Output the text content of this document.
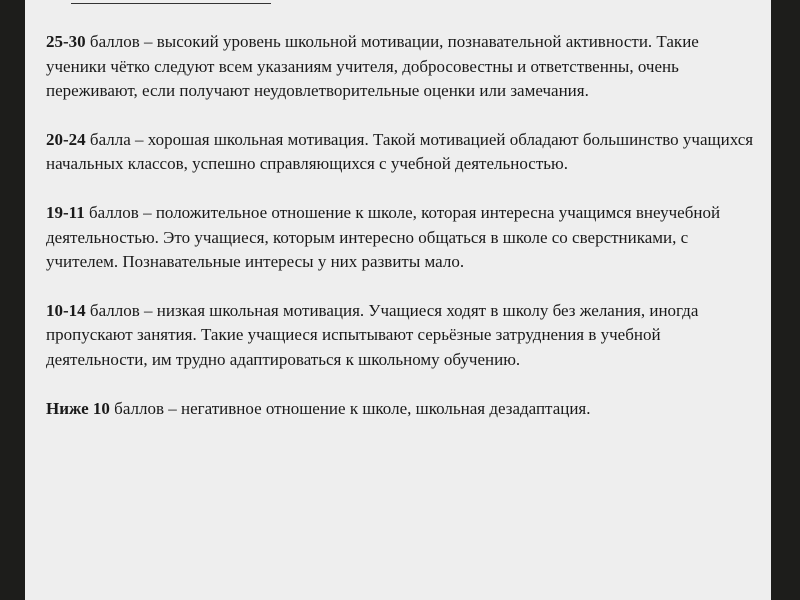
25-30 баллов – высокий уровень школьной мотивации, познавательной активности. Такие ученики чётко следуют всем указаниям учителя, добросовестны и ответственны, очень переживают, если получают неудовлетворительные оценки или замечания.

20-24 балла – хорошая школьная мотивация. Такой мотивацией обладают большинство учащихся начальных классов, успешно справляющихся с учебной деятельностью.

19-11 баллов – положительное отношение к школе, которая интересна учащимся внеучебной деятельностью. Это учащиеся, которым интересно общаться в школе со сверстниками, с учителем. Познавательные интересы у них развиты мало.

10-14 баллов – низкая школьная мотивация. Учащиеся ходят в школу без желания, иногда пропускают занятия. Такие учащиеся испытывают серьёзные затруднения в учебной деятельности, им трудно адаптироваться к школьному обучению.

Ниже 10 баллов – негативное отношение к школе, школьная дезадаптация.
